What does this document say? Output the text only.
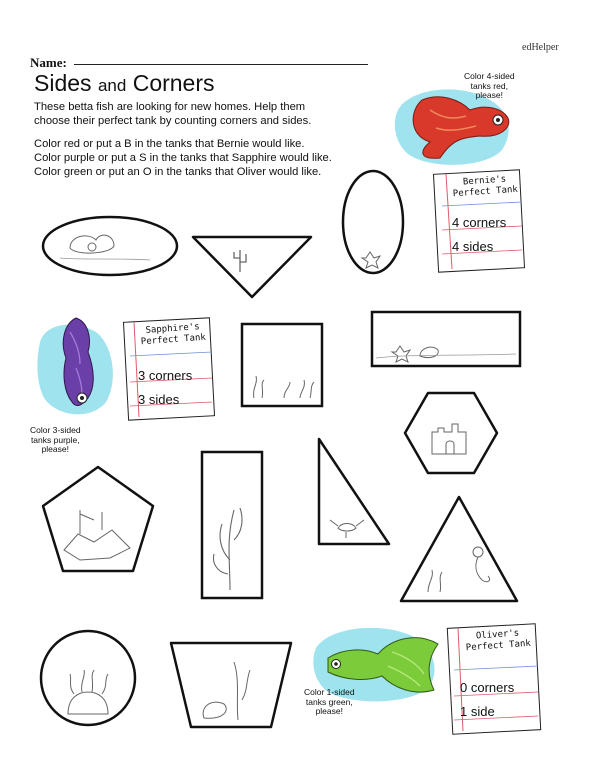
edHelper
Name:
Sides and Corners
These betta fish are looking for new homes. Help them
choose their perfect tank by counting corners and sides.
Color red or put a B in the tanks that Bernie would like.
Color purple or put a S in the tanks that Sapphire would like.
Color green or put an O in the tanks that Oliver would like.
Color 4-sided
tanks red,
please!
Bernie's
Perfect Tank
4 corners
4 sides
Color 3-sided
tanks purple,
please!
Sapphire's
Perfect Tank
3 corners
3 sides
Color 1-sided
tanks green,
please!
Oliver's
Perfect Tank
0 corners
1 side
